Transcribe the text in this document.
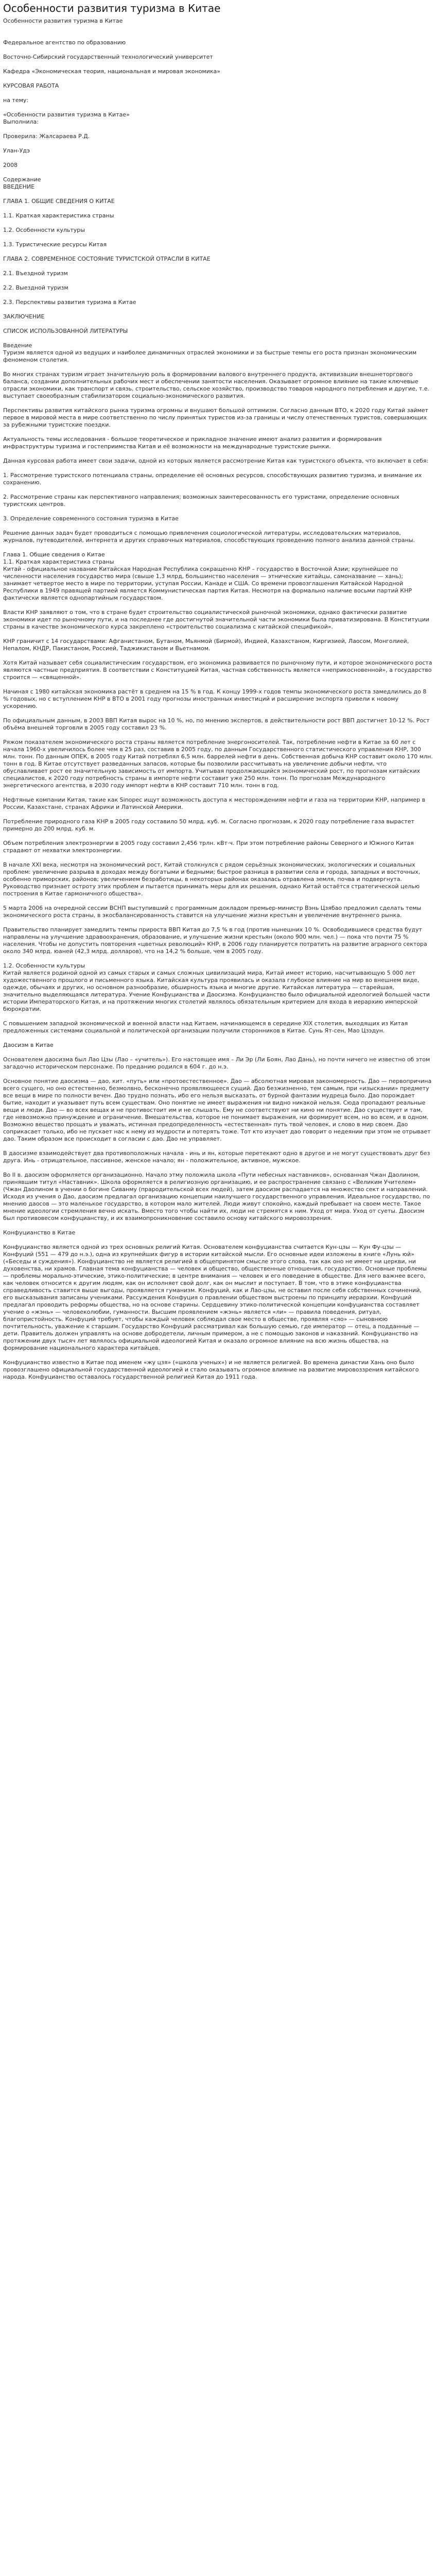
Особенности развития туризма в Китае
Особенности развития туризма в Китае
Федеральное агентство по образованию
Восточно-Сибирский государственный технологический университет
Кафедра «Экономическая теория, национальная и мировая экономика»
КУРСОВАЯ РАБОТА
на тему:
«Особенности развития туризма в Китае»
Выполнила:
Проверила: Жалсараева Р.Д.
Улан-Удэ
2008
Содержание
ВВЕДЕНИЕ
ГЛАВА 1. ОБЩИЕ СВЕДЕНИЯ О КИТАЕ
1.1. Краткая характеристика страны
1.2. Особенности культуры
1.3. Туристические ресурсы Китая
ГЛАВА 2. СОВРЕМЕННОЕ СОСТОЯНИЕ ТУРИСТСКОЙ ОТРАСЛИ В КИТАЕ
2.1. Въездной туризм
2.2. Выездной туризм
2.3. Перспективы развития туризма в Китае
ЗАКЛЮЧЕНИЕ
СПИСОК ИСПОЛЬЗОВАННОЙ ЛИТЕРАТУРЫ
Введение
Туризм является одной из ведущих и наиболее динамичных отраслей экономики и за быстрые темпы его роста признан экономическим феноменом столетия.
Во многих странах туризм играет значительную роль в формировании валового внутреннего продукта, активизации внешнеторгового баланса, создании дополнительных рабочих мест и обеспечении занятости населения. Оказывает огромное влияние на такие ключевые отрасли экономики, как транспорт и связь, строительство, сельское хозяйство, производство товаров народного потребления и другие, т.е. выступает своеобразным стабилизатором социально-экономического развития.
Перспективы развития китайского рынка туризма огромны и внушают большой оптимизм. Согласно данным ВТО, к 2020 году Китай займет первое в мировой места в мире соответственно по числу принятых туристов из-за границы и числу отечественных туристов, совершающих за рубежными туристские поездки.
Актуальность темы исследования - большое теоретическое и прикладное значение имеют анализ развития и формирования инфраструктуры туризма и гостеприимства Китая и её возможности на международные туристские рынки.
Данная курсовая работа имеет свои задачи, одной из которых является рассмотрение Китая как туристского объекта, что включает в себя:
1. Рассмотрение туристского потенциала страны, определение её основных ресурсов, способствующих развитию туризма, и внимание их сохранению.
2. Рассмотрение страны как перспективного направления; возможных заинтересованность его туристами, определение основных туристских центров.
3. Определение современного состояния туризма в Китае
Решение данных задач будет проводиться с помощью привлечения социологической литературы, исследовательских материалов, журналов, путеводителей, интернета и других справочных материалов, способствующих проведению полного анализа данной страны.
Глава 1. Общие сведения о Китае
1.1. Краткая характеристика страны
Китай - официальное название Китайская Народная Республика сокращенно КНР – государство в Восточной Азии; крупнейшее по численности населения государство мира (свыше 1,3 млрд, большинство населения — этнические китайцы, самоназвание — хань); занимает четвертое место в мире по территории, уступая России, Канаде и США. Со времени провозглашения Китайской Народной Республики в 1949 правящей партией является Коммунистическая партия Китая. Несмотря на формально наличие восьми партий КНР фактически является однопартийным государством.
Власти КНР заявляют о том, что в стране будет строительство социалистической рыночной экономики, однако фактически развитие экономики идет по рыночному пути, и на последнее где достигнутой значительной части экономики была приватизирована. В Конституции страны в качестве экономического курса закреплено «строительство социализма с китайской спецификой».
КНР граничит с 14 государствами: Афганистаном, Бутаном, Мьянмой (Бирмой), Индией, Казахстаном, Киргизией, Лаосом, Монголией, Непалом, КНДР, Пакистаном, Россией, Таджикистаном и Вьетнамом.
Хотя Китай называет себя социалистическим государством, его экономика развивается по рыночному пути, и которое экономического роста являются частные предприятия. В соответствии с Конституцией Китая, частная собственность является «неприкосновенной», а государство строится — «священной».
Начиная с 1980 китайская экономика растёт в среднем на 15 % в год. К концу 1999-х годов темпы экономического роста замедлились до 8 % годовых, но с вступлением КНР в ВТО в 2001 году прогнозы иностранных инвестиций и расширение экспорта привели к новому ускорению.
По официальным данным, в 2003 ВВП Китая вырос на 10 %, но, по мнению экспертов, в действительности рост ВВП достигнет 10-12 %. Рост объёма внешней торговли в 2005 году составил 23 %.
Ряжом показателем экономического роста страны является потребление энергоносителей. Так, потребление нефти в Китае за 60 лет с начала 1960-х увеличилось более чем в 25 раз, составив в 2005 году, по данным Государственного статистического управления КНР, 300 млн. тонн. По данным ОПЕК, в 2005 году Китай потреблял 6,5 млн. баррелей нефти в день. Собственная добыча КНР составит около 170 млн. тонн в год. В Китае отсутствует разведанных запасов, которые бы позволили рассчитывать на увеличение добычи нефти, что обуславливает рост ее значительную зависимость от импорта. Учитывая продолжающийся экономический рост, по прогнозам китайских специалистов, к 2020 году потребность страны в импорте нефти составит уже 250 млн. тонн. По прогнозам Международного энергетического агентства, в 2030 году импорт нефти в КНР составит 710 млн. тонн в год.
Нефтяные компании Китая, такие как Sinopec ищут возможность доступа к месторождениям нефти и газа на территории КНР, например в России, Казахстане, странах Африки и Латинской Америки.
Потребление природного газа КНР в 2005 году составило 50 млрд. куб. м. Согласно прогнозам, к 2020 году потребление газа вырастет примерно до 200 млрд. куб. м.
Объем потребления электроэнергии в 2005 году составил 2,456 трлн. кВт·ч. При этом потребление районы Северного и Южного Китая страдают от нехватки электроэнергии.
В начале XXI века, несмотря на экономический рост, Китай столкнулся с рядом серьёзных экономических, экологических и социальных проблем: увеличение разрыва в доходах между богатыми и бедными; быстрое разница в развитии села и города, западных и восточных, особенно приморских, районов; увеличением безработицы, в некоторых районах оказалась отравлена земля, почва и подвергнута. Руководство признает остроту этих проблем и пытается принимать меры для их решения, однако Китай остаётся стратегической целью построения в Китае гармоничного общества».
5 марта 2006 на очередной сессии ВСНП выступивший с программным докладом премьер-министр Вэнь Цзябао предложил сделать темы экономического роста страны, в экосбалансированность ставится на улучшение жизни крестьян и увеличение внутреннего рынка.
Правительство планирует замедлить темпы прироста ВВП Китая до 7,5 % в год (против нынешних 10 %. Освободившиеся средства будут направлены на улучшение здравоохранения, образование, и улучшение жизни крестьян (около 900 млн. чел.) — пока что почти 75 % населения. Чтобы не допустить повторения «цветных революций» КНР, в 2006 году планируется потратить на развитие аграрного сектора около 340 млрд. юаней (42,3 млрд. долларов), что на 14,2 % больше, чем в 2005 году.
1.2. Особенности культуры
Китай является родиной одной из самых старых и самых сложных цивилизаций мира, Китай имеет историю, насчитывающую 5 000 лет художественного прошлого и письменного языка. Китайская культура проявилась и оказала глубокое влияние на мир во внешнем виде, одежде, обычаях и других, но основном разнообразие, обширность языка и многие другие. Китайская литература — старейшая, значительно выделяющаяся литература. Учение Конфуцианства и Даосизма. Конфуцианство было официальной идеологией большей части истории Императорского Китая, и на протяжении многих столетий являлось обязательным критерием для входа в иерархию имперской бюрократии.
С повышением западной экономической и военной власти над Китаем, начинающемся в середине XIX столетия, выходящих из Китая предложенных системами социальной и политической организации получили сторонников в Китае. Сунь Ят-сен, Мао Цзэдун.
Даосизм в Китае
Основателем даосизма был Лао Цзы (Лао – «учитель»). Его настоящее имя – Ли Эр (Ли Боян, Лао Дань), но почти ничего не известно об этом загадочно историческом персонаже. По преданию родился в 604 г. до н.э.
Основное понятие даосизма — дао, кит. «путь» или «протоестественное». Дао — абсолютная мировая закономерность. Дао — первопричина всего сущего, но оно естественно, безмолвно, бесконечно проявляющееся сущий. Дао безжизненно, тем самым, при «изыскании» предмету все вещи в мире по полности вечен. Дао трудно познать, ибо его нельзя высказать, от бурной фантазии мудреца было. Дао порождает бытие, находит и указывает путь всем существам. Оно понятие не имеет выражения ни видно никакой нельзя. Сюда пропадают реальные вещи и люди. Дао — во всех вещах и не противостоит им и не слышать. Ему не соответствуют ни кино ни понятие. Дао существует и там, где невозможно принуждение и ограничение. Вмешательства, которое не понимает выражения, ни формирует всем, но во всем, и в одном. Возможно вещество прощать и уважать, истинная предопределенность «естественная» путь твой человек, и слово в мир своем. Дао соприкасает только, ибо не пускает нас к нему из мудрости и потерять тоже. Тот кто изучает дао говорит о недеянии при этом не отрывает дао. Таким образом все происходит в согласии с дао. Дао не управляет.
В даосизме взаимодействует два противоположных начала - инь и ян, которые перетекают одно в другое и не могут существовать друг без друга. Инь - отрицательное, пассивное, женское начало; ян - положительное, активное, мужское.
Во II в. даосизм оформляется организационно. Начало этму положила школа «Пути небесных наставников», основанная Чжан Даолином, принявшим титул «Наставник». Школа оформляется в религиозную организацию, и ее распространение связано с «Великим Учителем» (Чжан Даолином в учении о богине Сиванму (прародительской всех людей), затем даосизм распадается на множество сект и направлений. Исходя из учения о Дао, даосизм предлагал организацию концепции наилучшего государственного управления. Идеальное государство, по мнению даосов — это маленькое государство, в котором мало жителей. Люди живут спокойно, каждый пребывает на своем месте. Такое мнение идеологии стремления вечно искать. Вместо того чтобы найти их, люди не стремятся к ним. Уход от мира. Уход от суеты. Даосизм был противовесом конфуцианству, и их взаимопроникновение составило основу китайского мировоззрения.
Конфуцианство в Китае
Конфуцианство является одной из трех основных религий Китая. Основателем конфуцианства считается Кун-цзы — Кун Фу-цзы — Конфуций (551 — 479 до н.э.), одна из крупнейших фигур в истории китайской мысли. Его основные идеи изложены в книге «Лунь юй» («Беседы и суждения»). Конфуцианство не является религией в общепринятом смысле этого слова, так как оно не имеет ни церкви, ни духовенства, ни храмов. Главная тема конфуцианства — человек и общество, общественные отношения, государство. Основные проблемы — проблемы морально-этические, этико-политические; в центре внимания — человек и его поведение в обществе. Для него важнее всего, как человек относится к другим людям, как он исполняет свой долг, как он мыслит и поступает. В том, что в этике конфуцианства справедливость ставится выше выгоды, проявляется гуманизм. Конфуций, как и Лао-цзы, не оставил после себя собственных сочинений, его высказывания записаны учениками. Рассуждения Конфуция о правлении обществом выстроены по принципу иерархии. Конфуций предлагал проводить реформы общества, но на основе старины. Сердцевину этико-политической концепции конфуцианства составляет учение о «жэнь» — человеколюбии, гуманности. Высшим проявлением «жэнь» является «ли» — правила поведения, ритуал, благопристойность. Конфуций требует, чтобы каждый человек соблюдал свое место в обществе, проявляя «сяо» — сыновнюю почтительность, уважение к старшим. Государство Конфуций рассматривал как большую семью, где император — отец, а подданные — дети. Правитель должен управлять на основе добродетели, личным примером, а не с помощью законов и наказаний. Конфуцианство на протяжении двух тысяч лет являлось официальной идеологией Китая и оказало огромное влияние на всю жизнь общества, на формирование национального характера китайцев.
Конфуцианство известно в Китае под именем «жу цзя» («школа ученых») и не является религией. Во времена династии Хань оно было провозглашено официальной государственной идеологией и стало оказывать огромное влияние на развитие мировоззрения китайского народа. Конфуцианство оставалось государственной религией Китая до 1911 года.
